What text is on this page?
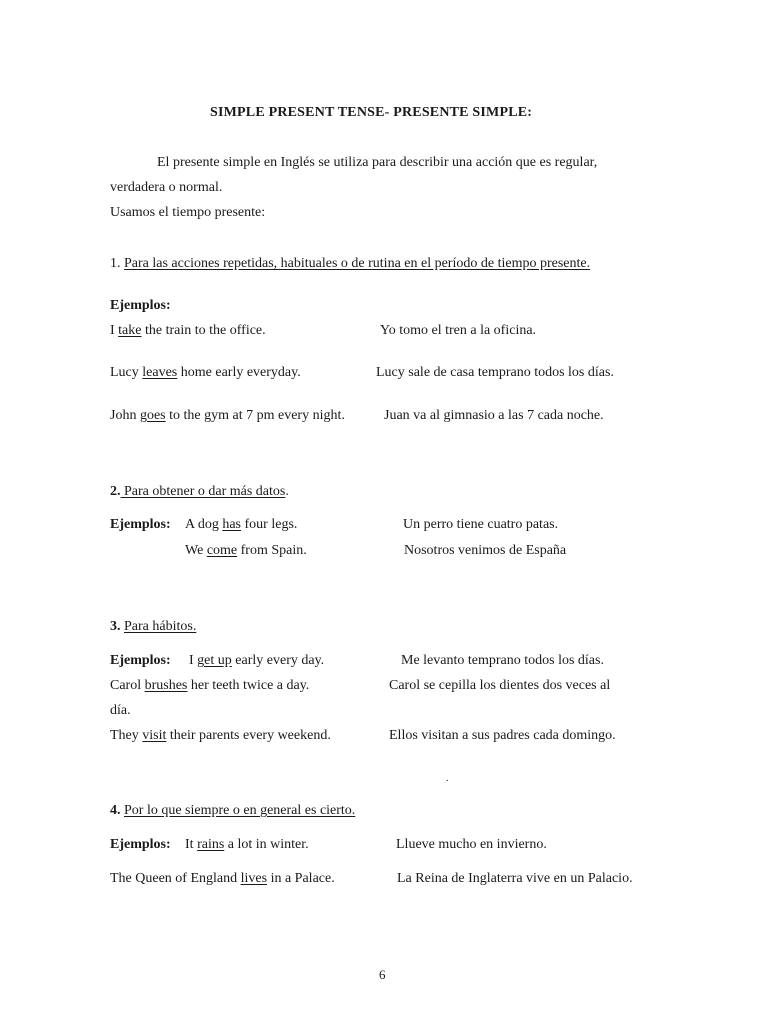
SIMPLE PRESENT TENSE- PRESENTE SIMPLE:
El presente simple en Inglés se utiliza para describir una acción que es regular,
verdadera o normal.
Usamos el tiempo presente:
1. Para las acciones repetidas, habituales o de rutina en el período de tiempo presente.
Ejemplos:
I take the train to the office.	Yo tomo el tren a la oficina.
Lucy leaves home early everyday.	Lucy sale de casa temprano todos los días.
John goes to the gym at 7 pm every night.	Juan va al gimnasio a las 7 cada noche.
2. Para obtener o dar más datos.
Ejemplos: A dog has four legs.	Un perro tiene cuatro patas.
We come from Spain.	Nosotros venimos de España
3. Para hábitos.
Ejemplos: I get up early every day.	Me levanto temprano todos los días.
Carol brushes her teeth twice a day.	Carol se cepilla los dientes dos veces al
día.
They visit their parents every weekend.	Ellos visitan a sus padres cada domingo.
.
4. Por lo que siempre o en general es cierto.
Ejemplos: It rains a lot in winter.	Llueve mucho en invierno.
The Queen of England lives in a Palace.	La Reina de Inglaterra vive en un Palacio.
6
